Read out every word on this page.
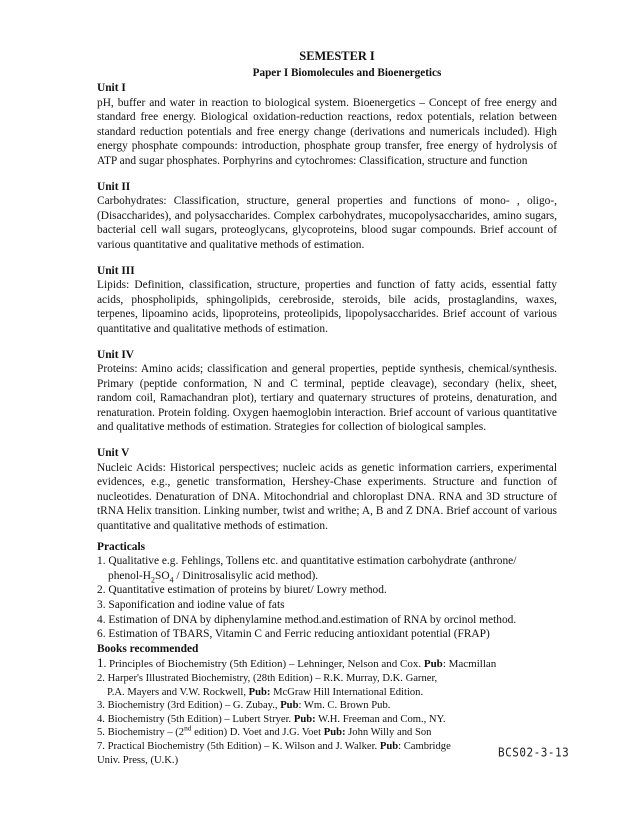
SEMESTER I
Paper I Biomolecules and Bioenergetics
Unit I
pH, buffer and water in reaction to biological system. Bioenergetics – Concept of free energy and standard free energy. Biological oxidation-reduction reactions, redox potentials, relation between standard reduction potentials and free energy change (derivations and numericals included). High energy phosphate compounds: introduction, phosphate group transfer, free energy of hydrolysis of ATP and sugar phosphates. Porphyrins and cytochromes: Classification, structure and function
Unit II
Carbohydrates: Classification, structure, general properties and functions of mono- , oligo-, (Disaccharides), and polysaccharides. Complex carbohydrates, mucopolysaccharides, amino sugars, bacterial cell wall sugars, proteoglycans, glycoproteins, blood sugar compounds. Brief account of various quantitative and qualitative methods of estimation.
Unit III
Lipids: Definition, classification, structure, properties and function of fatty acids, essential fatty acids, phospholipids, sphingolipids, cerebroside, steroids, bile acids, prostaglandins, waxes, terpenes, lipoamino acids, lipoproteins, proteolipids, lipopolysaccharides. Brief account of various quantitative and qualitative methods of estimation.
Unit IV
Proteins: Amino acids; classification and general properties, peptide synthesis, chemical/synthesis. Primary (peptide conformation, N and C terminal, peptide cleavage), secondary (helix, sheet, random coil, Ramachandran plot), tertiary and quaternary structures of proteins, denaturation, and renaturation. Protein folding. Oxygen haemoglobin interaction. Brief account of various quantitative and qualitative methods of estimation. Strategies for collection of biological samples.
Unit V
Nucleic Acids: Historical perspectives; nucleic acids as genetic information carriers, experimental evidences, e.g., genetic transformation, Hershey-Chase experiments. Structure and function of nucleotides. Denaturation of DNA. Mitochondrial and chloroplast DNA. RNA and 3D structure of tRNA Helix transition. Linking number, twist and writhe; A, B and Z DNA. Brief account of various quantitative and qualitative methods of estimation.
Practicals
1. Qualitative e.g. Fehlings, Tollens etc. and quantitative estimation carbohydrate (anthrone/
phenol-$H_2SO_4$ / Dinitrosalisylic acid method).
2. Quantitative estimation of proteins by biuret/ Lowry method.
3. Saponification and iodine value of fats
4. Estimation of DNA by diphenylamine method.and.estimation of RNA by orcinol method.
6. Estimation of TBARS, Vitamin C and Ferric reducing antioxidant potential (FRAP)
Books recommended
1. Principles of Biochemistry (5th Edition) – Lehninger, Nelson and Cox. Pub: Macmillan
2. Harper's Illustrated Biochemistry, (28th Edition) – R.K. Murray, D.K. Garner,
P.A. Mayers and V.W. Rockwell, Pub: McGraw Hill International Edition.
3. Biochemistry (3rd Edition) – G. Zubay., Pub: Wm. C. Brown Pub.
4. Biochemistry (5th Edition) – Lubert Stryer. Pub: W.H. Freeman and Com., NY.
5. Biochemistry – (2nd edition) D. Voet and J.G. Voet Pub: John Willy and Son
7. Practical Biochemistry (5th Edition) – K. Wilson and J. Walker. Pub: Cambridge
Univ. Press, (U.K.)
BCS02-3-13
